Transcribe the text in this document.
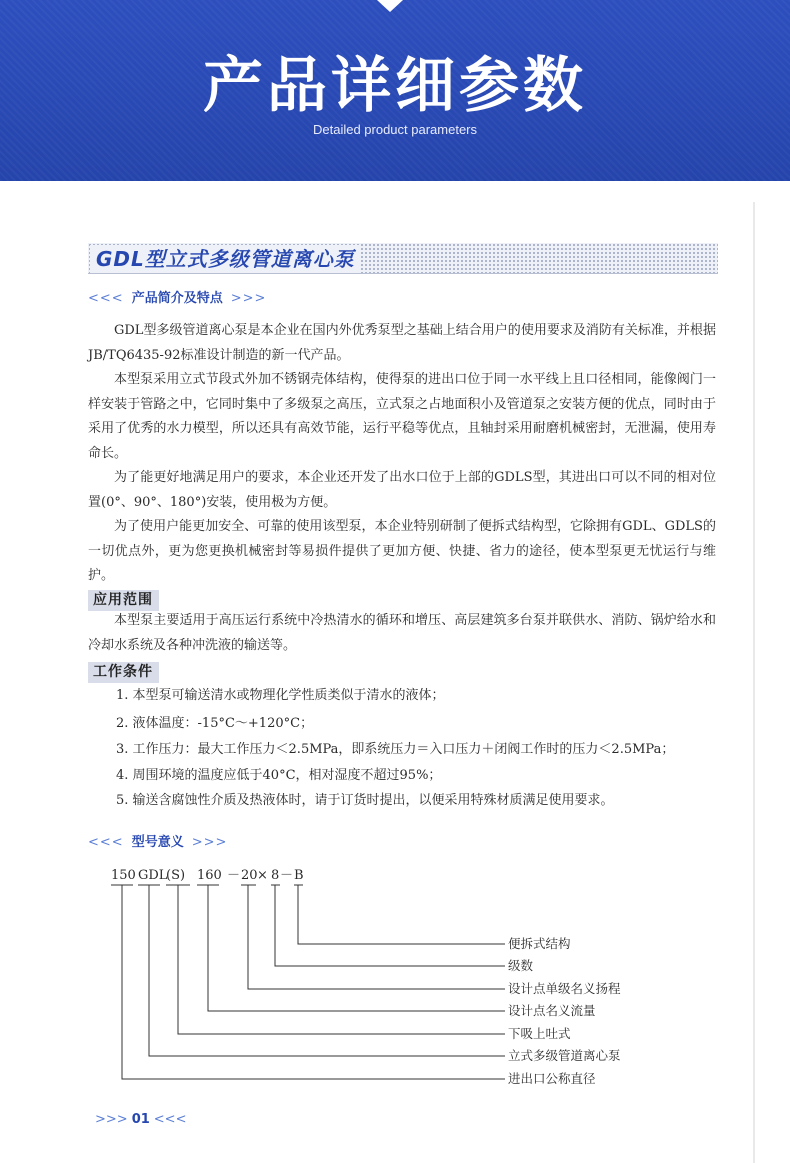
产品详细参数
Detailed product parameters
GDL型立式多级管道离心泵
<<< 产品简介及特点 >>>
GDL型多级管道离心泵是本企业在国内外优秀泵型之基础上结合用户的使用要求及消防有关标准，并根据JB/TQ6435-92标准设计制造的新一代产品。
本型泵采用立式节段式外加不锈钢壳体结构，使得泵的进出口位于同一水平线上且口径相同，能像阀门一样安装于管路之中，它同时集中了多级泵之高压，立式泵之占地面积小及管道泵之安装方便的优点，同时由于采用了优秀的水力模型，所以还具有高效节能，运行平稳等优点，且轴封采用耐磨机械密封，无泄漏，使用寿命长。
为了能更好地满足用户的要求，本企业还开发了出水口位于上部的GDLS型，其进出口可以不同的相对位置(0°、90°、180°)安装，使用极为方便。
为了使用户能更加安全、可靠的使用该型泵，本企业特别研制了便拆式结构型，它除拥有GDL、GDLS的一切优点外，更为您更换机械密封等易损件提供了更加方便、快捷、省力的途径，使本型泵更无忧运行与维护。
应用范围
本型泵主要适用于高压运行系统中冷热清水的循环和增压、高层建筑多台泵并联供水、消防、锅炉给水和冷却水系统及各种冲洗液的输送等。
工作条件
1. 本型泵可输送清水或物理化学性质类似于清水的液体；
2. 液体温度：-15°C～+120°C；
3. 工作压力：最大工作压力＜2.5MPa，即系统压力＝入口压力＋闭阀工作时的压力＜2.5MPa；
4. 周围环境的温度应低于40°C，相对湿度不超过95%；
5. 输送含腐蚀性介质及热液体时，请于订货时提出，以便采用特殊材质满足使用要求。
<<< 型号意义 >>>
150 GDL
(S) 160 － 20 × 8 － B
便拆式结构
级数
设计点单级名义扬程
设计点名义流量
下吸上吐式
立式多级管道离心泵
进出口公称直径
>>> 01 <<<
